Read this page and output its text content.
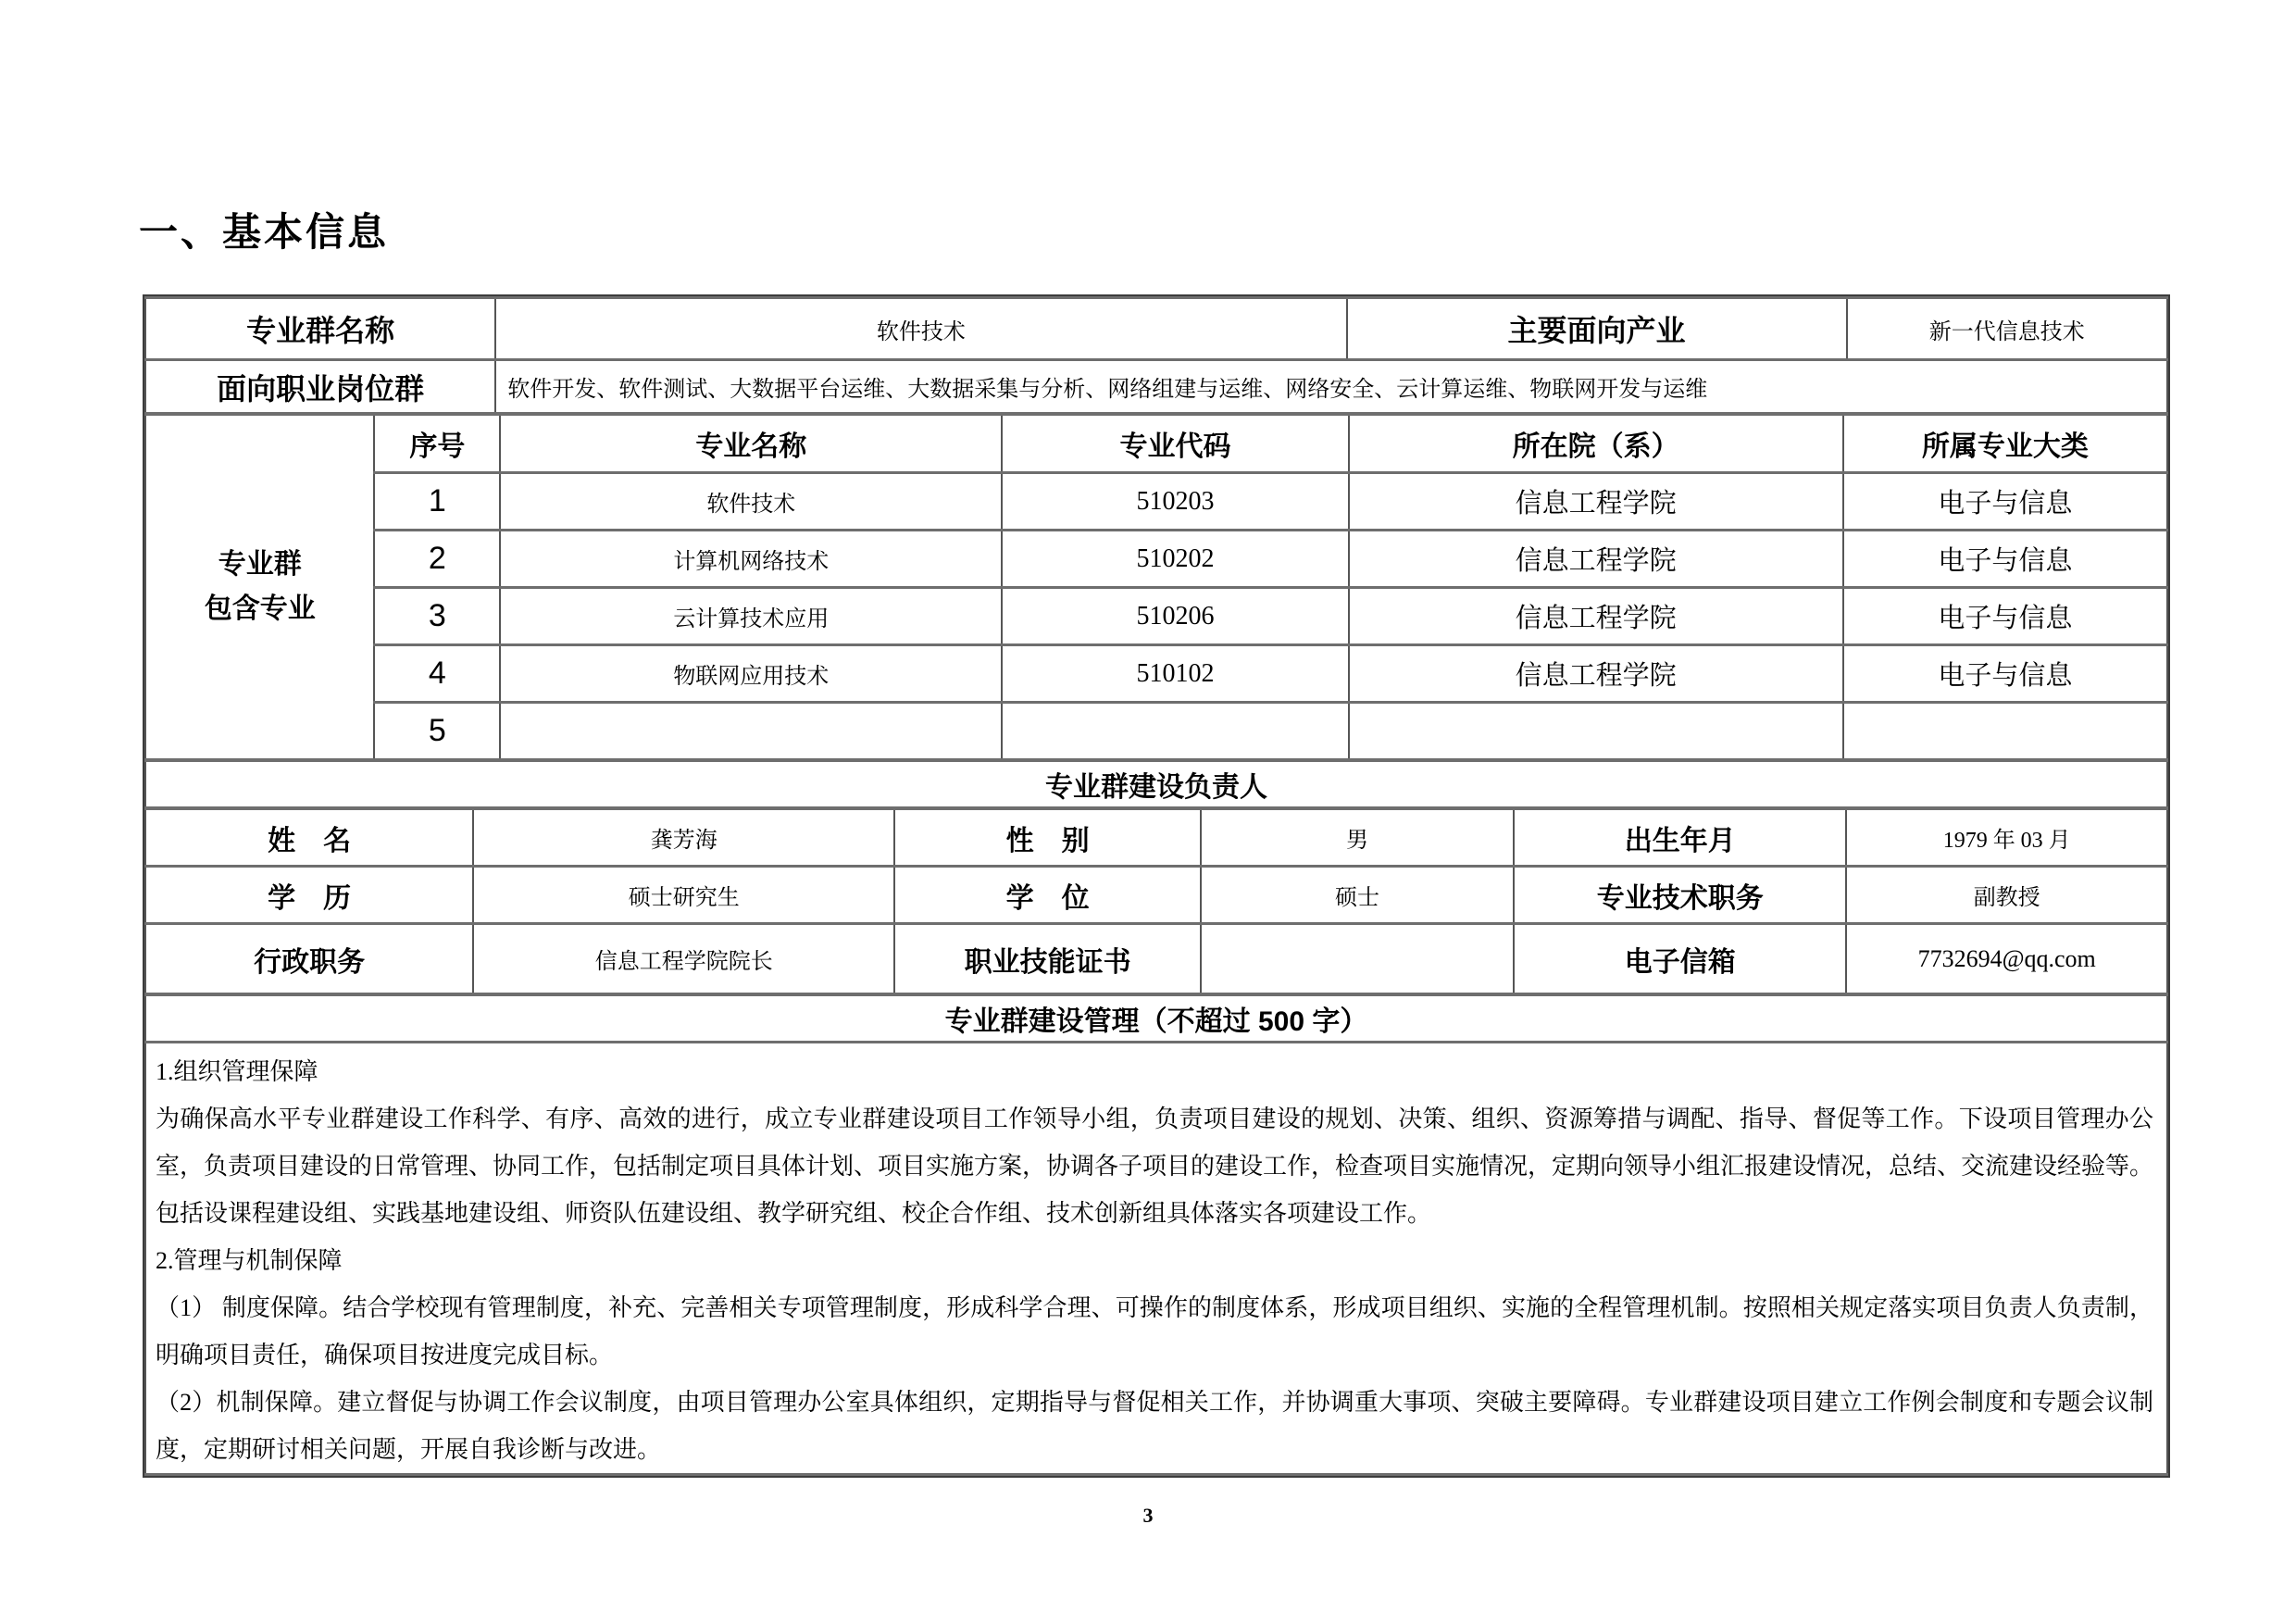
一、基本信息
专业群名称	软件技术	主要面向产业	新一代信息技术
面向职业岗位群	软件开发、软件测试、大数据平台运维、大数据采集与分析、网络组建与运维、网络安全、云计算运维、物联网开发与运维		
专业群
包含专业	序号	专业名称	专业代码	所在院（系）	所属专业大类
	1	软件技术	510203	信息工程学院	电子与信息
	2	计算机网络技术	510202	信息工程学院	电子与信息
	3	云计算技术应用	510206	信息工程学院	电子与信息
	4	物联网应用技术	510102	信息工程学院	电子与信息
	5				
专业群建设负责人
姓　名	龚芳海	性　别	男	出生年月	1979 年 03 月
学　历	硕士研究生	学　位	硕士	专业技术职务	副教授
行政职务	信息工程学院院长	职业技能证书		电子信箱	7732694@qq.com
专业群建设管理（不超过 500 字）

1.组织管理保障

为确保高水平专业群建设工作科学、有序、高效的进行，成立专业群建设项目工作领导小组，负责项目建设的规划、决策、组织、资源筹措与调配、指导、督促等工作。下设项目管理办公室，负责项目建设的日常管理、协同工作，包括制定项目具体计划、项目实施方案，协调各子项目的建设工作，检查项目实施情况，定期向领导小组汇报建设情况，总结、交流建设经验等。包括设课程建设组、实践基地建设组、师资队伍建设组、教学研究组、校企合作组、技术创新组具体落实各项建设工作。

2.管理与机制保障

（1） 制度保障。结合学校现有管理制度，补充、完善相关专项管理制度，形成科学合理、可操作的制度体系，形成项目组织、实施的全程管理机制。按照相关规定落实项目负责人负责制，明确项目责任，确保项目按进度完成目标。

（2）机制保障。建立督促与协调工作会议制度，由项目管理办公室具体组织，定期指导与督促相关工作，并协调重大事项、突破主要障碍。专业群建设项目建立工作例会制度和专题会议制度，定期研讨相关问题，开展自我诊断与改进。

3
